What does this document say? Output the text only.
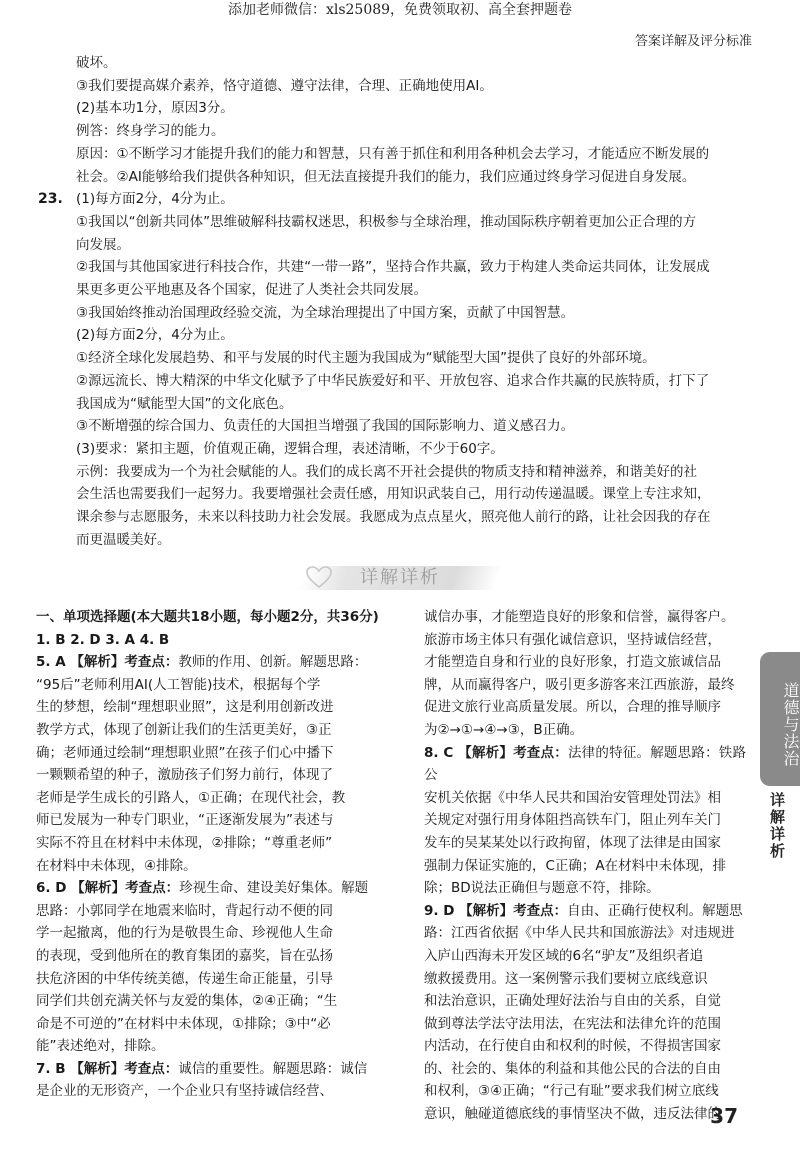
添加老师微信：xls25089，免费领取初、高全套押题卷
答案详解及评分标准

破坏。

③我们要提高媒介素养，恪守道德、遵守法律，合理、正确地使用AI。

(2)基本功1分，原因3分。

例答：终身学习的能力。

原因：①不断学习才能提升我们的能力和智慧，只有善于抓住和利用各种机会去学习，才能适应不断发展的

社会。②AI能够给我们提供各种知识，但无法直接提升我们的能力，我们应通过终身学习促进自身发展。

23. (1)每方面2分，4分为止。

①我国以“创新共同体”思维破解科技霸权迷思，积极参与全球治理，推动国际秩序朝着更加公正合理的方

向发展。

②我国与其他国家进行科技合作，共建“一带一路”，坚持合作共赢，致力于构建人类命运共同体，让发展成

果更多更公平地惠及各个国家，促进了人类社会共同发展。

③我国始终推动治国理政经验交流，为全球治理提出了中国方案，贡献了中国智慧。

(2)每方面2分，4分为止。

①经济全球化发展趋势、和平与发展的时代主题为我国成为“赋能型大国”提供了良好的外部环境。

②源远流长、博大精深的中华文化赋予了中华民族爱好和平、开放包容、追求合作共赢的民族特质，打下了

我国成为“赋能型大国”的文化底色。

③不断增强的综合国力、负责任的大国担当增强了我国的国际影响力、道义感召力。

(3)要求：紧扣主题，价值观正确，逻辑合理，表述清晰，不少于60字。

示例：我要成为一个为社会赋能的人。我们的成长离不开社会提供的物质支持和精神滋养，和谐美好的社

会生活也需要我们一起努力。我要增强社会责任感，用知识武装自己，用行动传递温暖。课堂上专注求知，

课余参与志愿服务，未来以科技助力社会发展。我愿成为点点星火，照亮他人前行的路，让社会因我的存在

而更温暖美好。

详解详析

一、单项选择题(本大题共18小题，每小题2分，共36分)

1. B 2. D 3. A 4. B

5. A 【解析】考查点：教师的作用、创新。解题思路：

“95后”老师利用AI(人工智能)技术，根据每个学

生的梦想，绘制“理想职业照”，这是利用创新改进

教学方式，体现了创新让我们的生活更美好，③正

确；老师通过绘制“理想职业照”在孩子们心中播下

一颗颗希望的种子，激励孩子们努力前行，体现了

老师是学生成长的引路人，①正确；在现代社会，教

师已发展为一种专门职业，“正逐渐发展为”表述与

实际不符且在材料中未体现，②排除；“尊重老师”

在材料中未体现，④排除。

6. D 【解析】考查点：珍视生命、建设美好集体。解题

思路：小郭同学在地震来临时，背起行动不便的同

学一起撤离，他的行为是敬畏生命、珍视他人生命

的表现，受到他所在的教育集团的嘉奖，旨在弘扬

扶危济困的中华传统美德，传递生命正能量，引导

同学们共创充满关怀与友爱的集体，②④正确；“生

命是不可逆的”在材料中未体现，①排除；③中“必

能”表述绝对，排除。

7. B 【解析】考查点：诚信的重要性。解题思路：诚信

是企业的无形资产，一个企业只有坚持诚信经营、

诚信办事，才能塑造良好的形象和信誉，赢得客户。

旅游市场主体只有强化诚信意识，坚持诚信经营，

才能塑造自身和行业的良好形象，打造文旅诚信品

牌，从而赢得客户，吸引更多游客来江西旅游，最终

促进文旅行业高质量发展。所以，合理的推导顺序

为②→①→④→③，B正确。

8. C 【解析】考查点：法律的特征。解题思路：铁路公

安机关依据《中华人民共和国治安管理处罚法》相

关规定对强行用身体阻挡高铁车门，阻止列车关门

发车的吴某某处以行政拘留，体现了法律是由国家

强制力保证实施的，C正确；A在材料中未体现，排

除；BD说法正确但与题意不符，排除。

9. D 【解析】考查点：自由、正确行使权利。解题思

路：江西省依据《中华人民共和国旅游法》对违规进

入庐山西海未开发区域的6名“驴友”及组织者追

缴救援费用。这一案例警示我们要树立底线意识

和法治意识，正确处理好法治与自由的关系，自觉

做到尊法学法守法用法，在宪法和法律允许的范围

内活动，在行使自由和权利的时候，不得损害国家

的、社会的、集体的利益和其他公民的合法的自由

和权利，③④正确；“行己有耻”要求我们树立底线

意识，触碰道德底线的事情坚决不做，违反法律的

道德与法治
详解详析
37
